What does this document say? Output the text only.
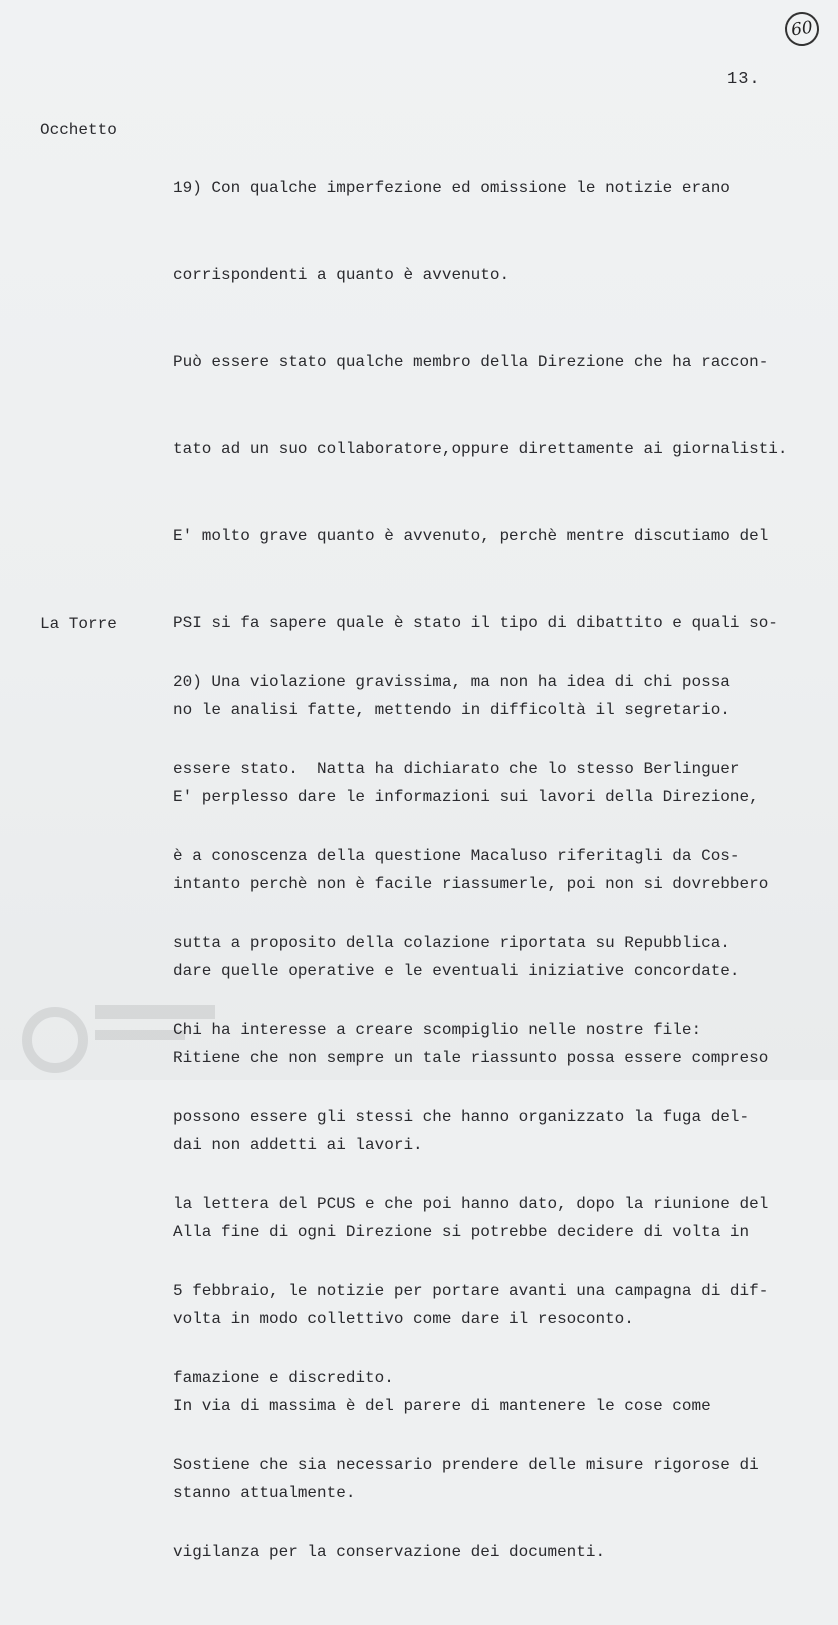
60
13.
Occhetto

19) Con qualche imperfezione ed omissione le notizie erano

corrispondenti a quanto è avvenuto.

Può essere stato qualche membro della Direzione che ha raccon-

tato ad un suo collaboratore,oppure direttamente ai giornalisti.

E' molto grave quanto è avvenuto, perchè mentre discutiamo del

PSI si fa sapere quale è stato il tipo di dibattito e quali so-

no le analisi fatte, mettendo in difficoltà il segretario.

E' perplesso dare le informazioni sui lavori della Direzione,

intanto perchè non è facile riassumerle, poi non si dovrebbero

dare quelle operative e le eventuali iniziative concordate.

Ritiene che non sempre un tale riassunto possa essere compreso

dai non addetti ai lavori.

Alla fine di ogni Direzione si potrebbe decidere di volta in

volta in modo collettivo come dare il resoconto.

In via di massima è del parere di mantenere le cose come

stanno attualmente.

La Torre

20) Una violazione gravissima, ma non ha idea di chi possa

essere stato.  Natta ha dichiarato che lo stesso Berlinguer

è a conoscenza della questione Macaluso riferitagli da Cos-

sutta a proposito della colazione riportata su Repubblica.

Chi ha interesse a creare scompiglio nelle nostre file:

possono essere gli stessi che hanno organizzato la fuga del-

la lettera del PCUS e che poi hanno dato, dopo la riunione del

5 febbraio, le notizie per portare avanti una campagna di dif-

famazione e discredito.

Sostiene che sia necessario prendere delle misure rigorose di

vigilanza per la conservazione dei documenti.
